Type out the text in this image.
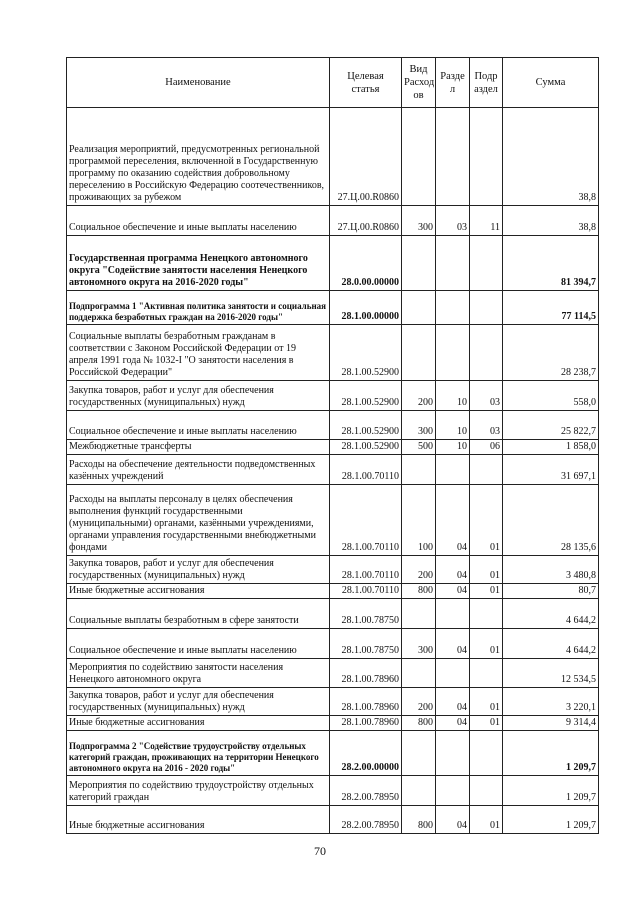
Наименование	Целевая статья	Вид Расход ов	Разде л	Подр аздел	Сумма
Реализация мероприятий, предусмотренных региональной программой переселения, включенной в Государственную программу по оказанию содействия добровольному переселению в Российскую Федерацию соотечественников, проживающих за рубежом	27.Ц.00.R0860				38,8
Социальное обеспечение и иные выплаты населению	27.Ц.00.R0860	300	03	11	38,8
Государственная программа Ненецкого автономного округа "Содействие занятости населения Ненецкого автономного округа на 2016-2020 годы"	28.0.00.00000				81 394,7
Подпрограмма 1 "Активная политика занятости и социальная поддержка безработных граждан на 2016-2020 годы"	28.1.00.00000				77 114,5
Социальные выплаты безработным гражданам в соответствии с Законом Российской Федерации от 19 апреля 1991 года № 1032-I "О занятости населения в Российской Федерации"	28.1.00.52900				28 238,7
Закупка товаров, работ и услуг для обеспечения государственных (муниципальных) нужд	28.1.00.52900	200	10	03	558,0
Социальное обеспечение и иные выплаты населению	28.1.00.52900	300	10	03	25 822,7
Межбюджетные трансферты	28.1.00.52900	500	10	06	1 858,0
Расходы на обеспечение деятельности подведомственных казённых учреждений	28.1.00.70110				31 697,1
Расходы на выплаты персоналу в целях обеспечения выполнения функций государственными (муниципальными) органами, казёнными учреждениями, органами управления государственными внебюджетными фондами	28.1.00.70110	100	04	01	28 135,6
Закупка товаров, работ и услуг для обеспечения государственных (муниципальных) нужд	28.1.00.70110	200	04	01	3 480,8
Иные бюджетные ассигнования	28.1.00.70110	800	04	01	80,7
Социальные выплаты безработным в сфере занятости	28.1.00.78750				4 644,2
Социальное обеспечение и иные выплаты населению	28.1.00.78750	300	04	01	4 644,2
Мероприятия по содействию занятости населения Ненецкого автономного округа	28.1.00.78960				12 534,5
Закупка товаров, работ и услуг для обеспечения государственных (муниципальных) нужд	28.1.00.78960	200	04	01	3 220,1
Иные бюджетные ассигнования	28.1.00.78960	800	04	01	9 314,4
Подпрограмма 2 "Содействие трудоустройству отдельных категорий граждан, проживающих на территории Ненецкого автономного округа на 2016 - 2020 годы"	28.2.00.00000				1 209,7
Мероприятия по содействию трудоустройству отдельных категорий граждан	28.2.00.78950				1 209,7
Иные бюджетные ассигнования	28.2.00.78950	800	04	01	1 209,7
70
